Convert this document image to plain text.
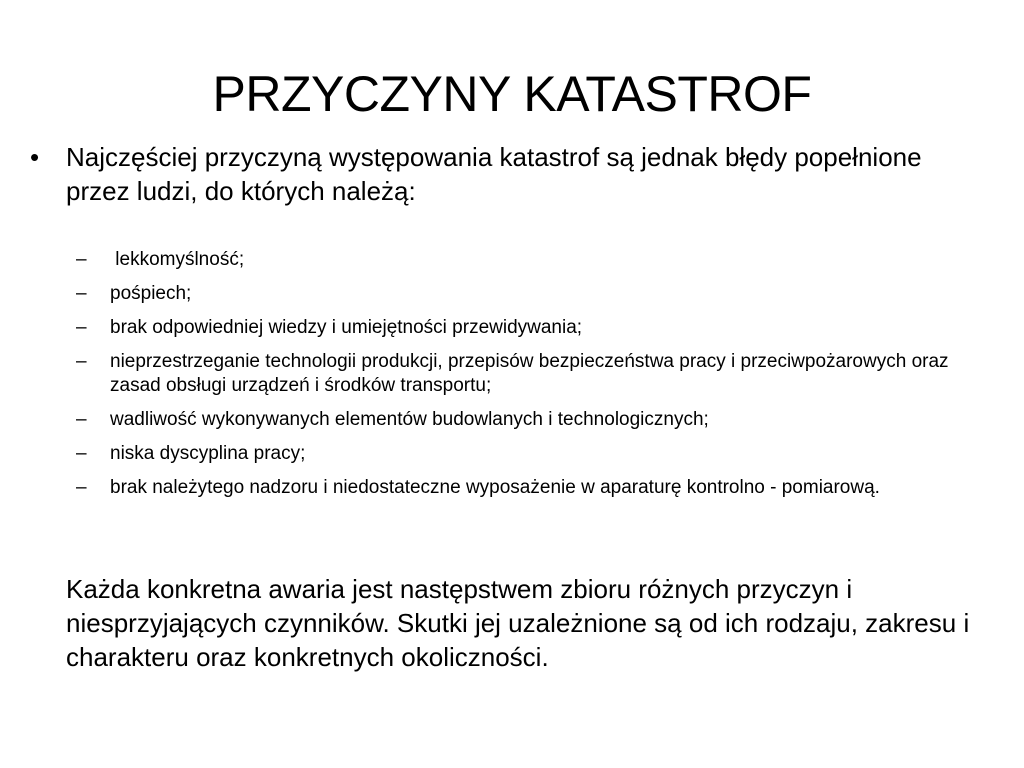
PRZYCZYNY KATASTROF
• Najczęściej przyczyną występowania katastrof są jednak błędy popełnione przez ludzi, do których należą:
– lekkomyślność;
– pośpiech;
– brak odpowiedniej wiedzy i umiejętności przewidywania;
– nieprzestrzeganie technologii produkcji, przepisów bezpieczeństwa pracy i przeciwpożarowych oraz zasad obsługi urządzeń i środków transportu;
– wadliwość wykonywanych elementów budowlanych i technologicznych;
– niska dyscyplina pracy;
– brak należytego nadzoru i niedostateczne wyposażenie w aparaturę kontrolno - pomiarową.

Każda konkretna awaria jest następstwem zbioru różnych przyczyn i niesprzyjających czynników. Skutki jej uzależnione są od ich rodzaju, zakresu i charakteru oraz konkretnych okoliczności.
